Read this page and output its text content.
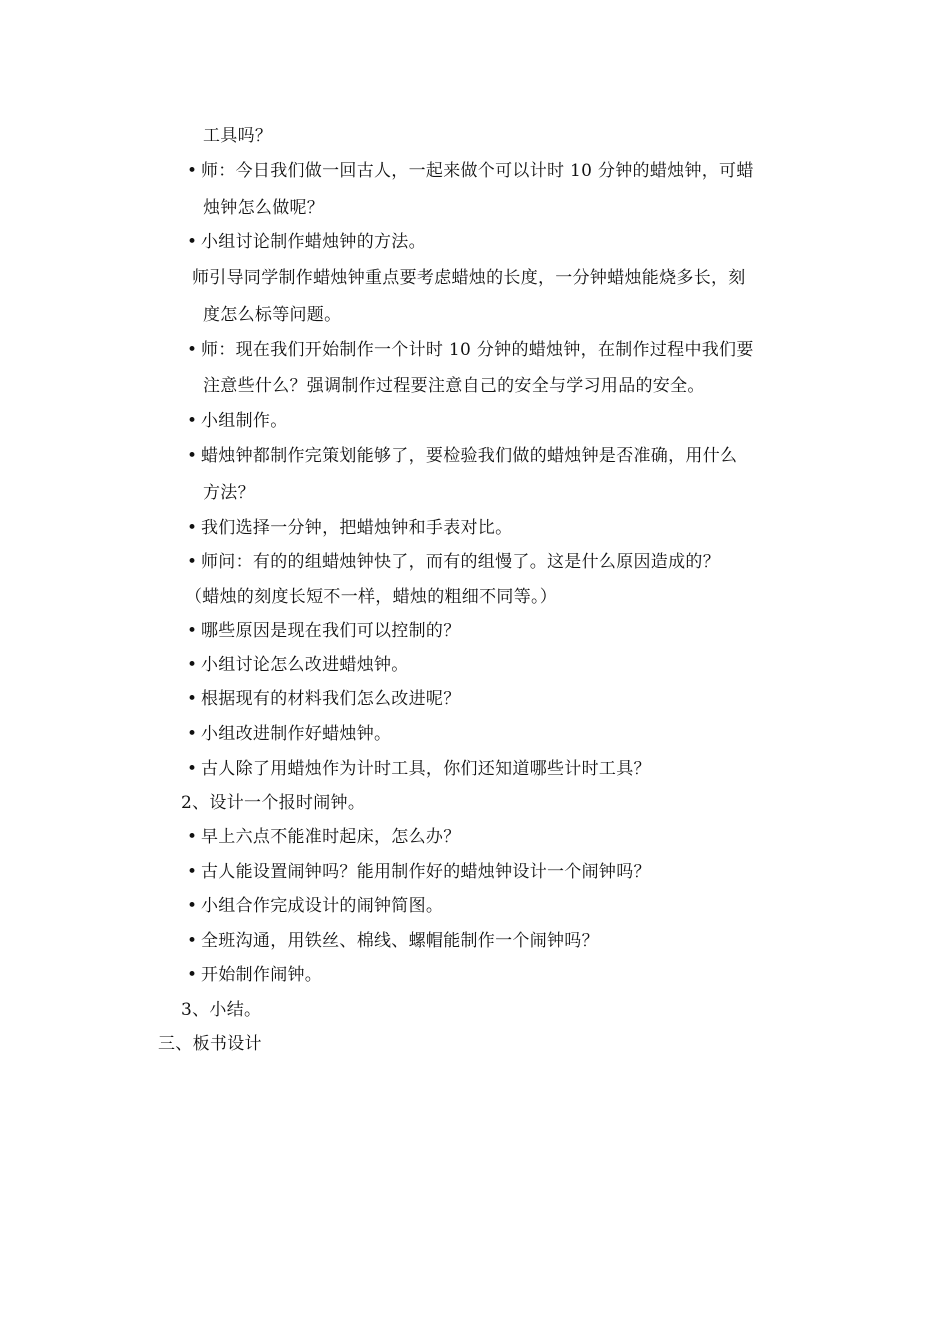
工具吗？
• 师：今日我们做一回古人，一起来做个可以计时 10 分钟的蜡烛钟，可蜡
烛钟怎么做呢？
• 小组讨论制作蜡烛钟的方法。
师引导同学制作蜡烛钟重点要考虑蜡烛的长度，一分钟蜡烛能烧多长，刻
度怎么标等问题。
• 师：现在我们开始制作一个计时 10 分钟的蜡烛钟，在制作过程中我们要
注意些什么？强调制作过程要注意自己的安全与学习用品的安全。
• 小组制作。
• 蜡烛钟都制作完策划能够了，要检验我们做的蜡烛钟是否准确，用什么
方法？
• 我们选择一分钟，把蜡烛钟和手表对比。
• 师问：有的的组蜡烛钟快了，而有的组慢了。这是什么原因造成的？
（蜡烛的刻度长短不一样，蜡烛的粗细不同等。）
• 哪些原因是现在我们可以控制的？
• 小组讨论怎么改进蜡烛钟。
• 根据现有的材料我们怎么改进呢？
• 小组改进制作好蜡烛钟。
• 古人除了用蜡烛作为计时工具，你们还知道哪些计时工具？
2、设计一个报时闹钟。
• 早上六点不能准时起床，怎么办？
• 古人能设置闹钟吗？能用制作好的蜡烛钟设计一个闹钟吗？
• 小组合作完成设计的闹钟简图。
• 全班沟通，用铁丝、棉线、螺帽能制作一个闹钟吗？
• 开始制作闹钟。
3、小结。
三、板书设计
